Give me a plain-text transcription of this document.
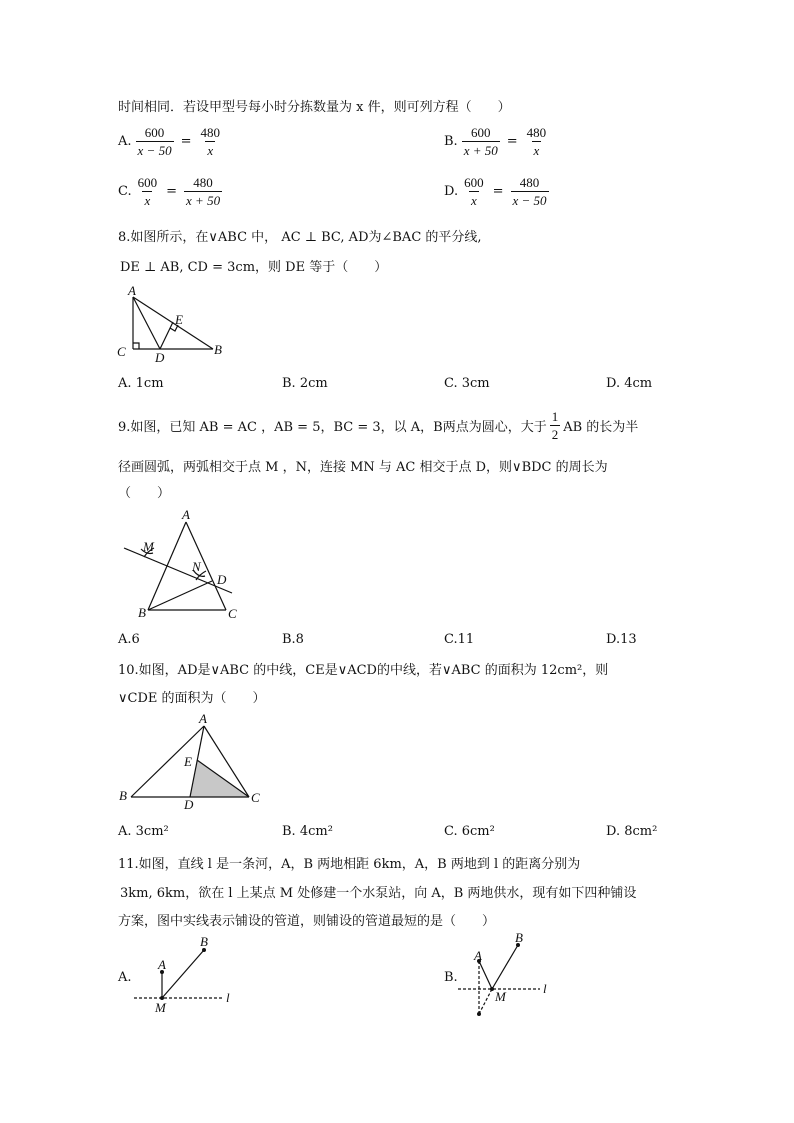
时间相同．若设甲型号每小时分拣数量为 x 件，则可列方程（　　）
A. $\frac{600}{x - 50} = \frac{480}{x}$	B. $\frac{600}{x + 50} = \frac{480}{x}$
C. $\frac{600}{x} = \frac{480}{x + 50}$	D. $\frac{600}{x} = \frac{480}{x - 50}$
8.如图所示，在∨ABC 中， AC ⊥ BC, AD为∠BAC 的平分线,
DE ⊥ AB, CD = 3cm，则 DE 等于（　　）
A
E
C D
B
A. 1cm	B. 2cm	C. 3cm	D. 4cm
9.如图，已知 AB = AC ，AB = 5，BC = 3，以 A，B两点为圆心，大于 $\frac{1}{2}$ AB 的长为半
径画圆弧，两弧相交于点 M ，N，连接 MN 与 AC 相交于点 D，则∨BDC 的周长为
（　　）
A
M
N
D
B	C
A.6	B.8	C.11	D.13
10.如图，AD是∨ABC 的中线，CE是∨ACD的中线，若∨ABC 的面积为 12cm²，则
∨CDE 的面积为（　　）
A
E
B
D	C
A. 3cm²	B. 4cm²	C. 6cm²	D. 8cm²
11.如图，直线 l 是一条河，A，B 两地相距 6km，A，B 两地到 l 的距离分别为
3km, 6km，欲在 l 上某点 M 处修建一个水泵站，向 A，B 两地供水，现有如下四种铺设
方案，图中实线表示铺设的管道，则铺设的管道最短的是（　　）
A.
B
A
M
l
B.
B
A
M
l
